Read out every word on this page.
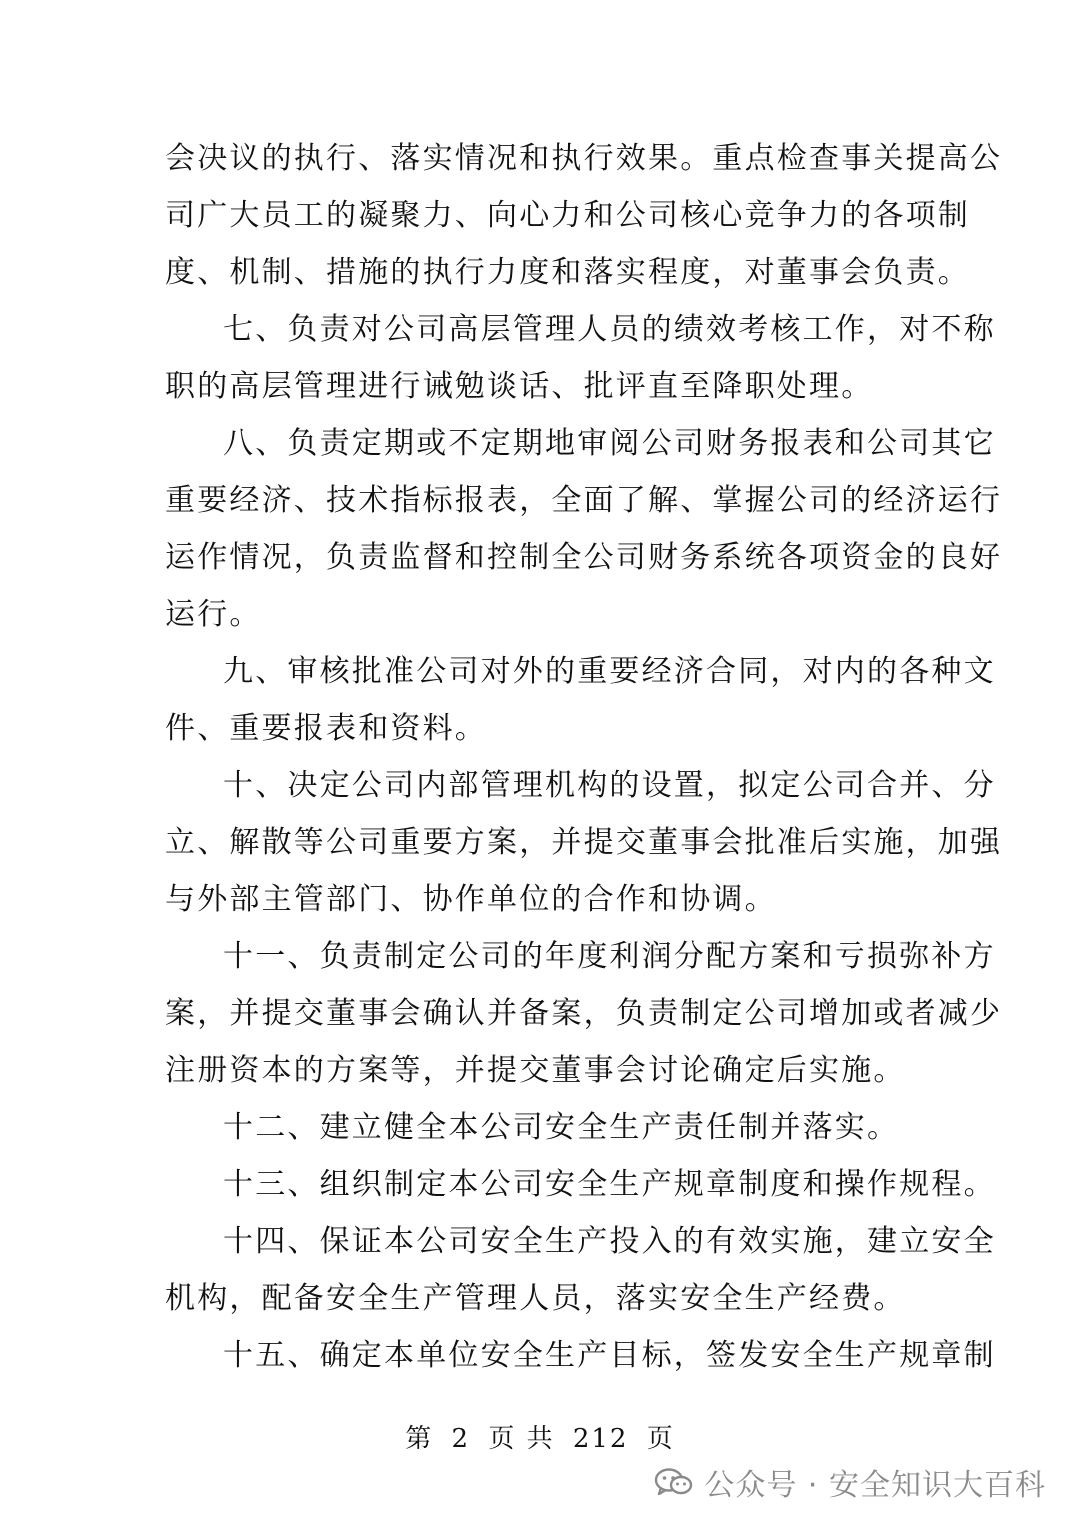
会决议的执行、落实情况和执行效果。重点检查事关提高公
司广大员工的凝聚力、向心力和公司核心竞争力的各项制
度、机制、措施的执行力度和落实程度，对董事会负责。
七、负责对公司高层管理人员的绩效考核工作，对不称
职的高层管理进行诫勉谈话、批评直至降职处理。
八、负责定期或不定期地审阅公司财务报表和公司其它
重要经济、技术指标报表，全面了解、掌握公司的经济运行
运作情况，负责监督和控制全公司财务系统各项资金的良好
运行。
九、审核批准公司对外的重要经济合同，对内的各种文
件、重要报表和资料。
十、决定公司内部管理机构的设置，拟定公司合并、分
立、解散等公司重要方案，并提交董事会批准后实施，加强
与外部主管部门、协作单位的合作和协调。
十一、负责制定公司的年度利润分配方案和亏损弥补方
案，并提交董事会确认并备案，负责制定公司增加或者减少
注册资本的方案等，并提交董事会讨论确定后实施。
十二、建立健全本公司安全生产责任制并落实。
十三、组织制定本公司安全生产规章制度和操作规程。
十四、保证本公司安全生产投入的有效实施，建立安全
机构，配备安全生产管理人员，落实安全生产经费。
十五、确定本单位安全生产目标，签发安全生产规章制
第 2 页 共 212 页
公众号 · 安全知识大百科
